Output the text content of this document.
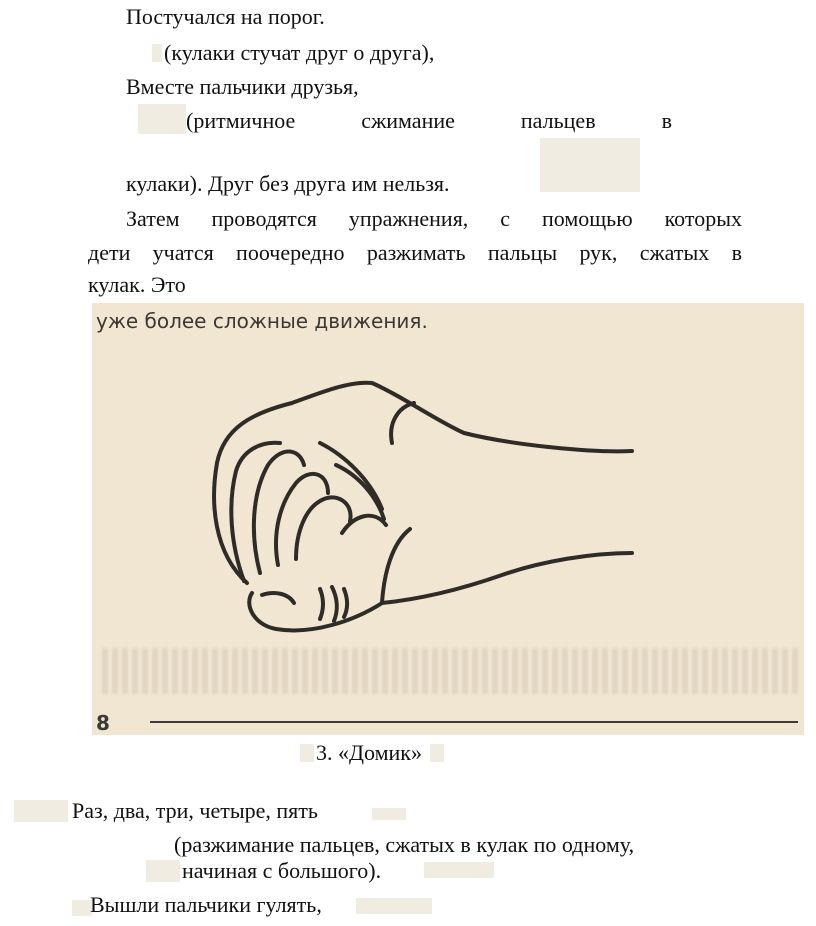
Постучался на порог.
(кулаки стучат друг о друга),
Вместе пальчики друзья,
(ритмичное сжимание пальцев в
кулаки). Друг без друга им нельзя.
Затем проводятся упражнения, с помощью которых
дети учатся поочередно разжимать пальцы рук, сжатых в
кулак. Это
уже более сложные движения.
8
3. «Домик»
Раз, два, три, четыре, пять
(разжимание пальцев, сжатых в кулак по одному,
начиная с большого).
Вышли пальчики гулять,
